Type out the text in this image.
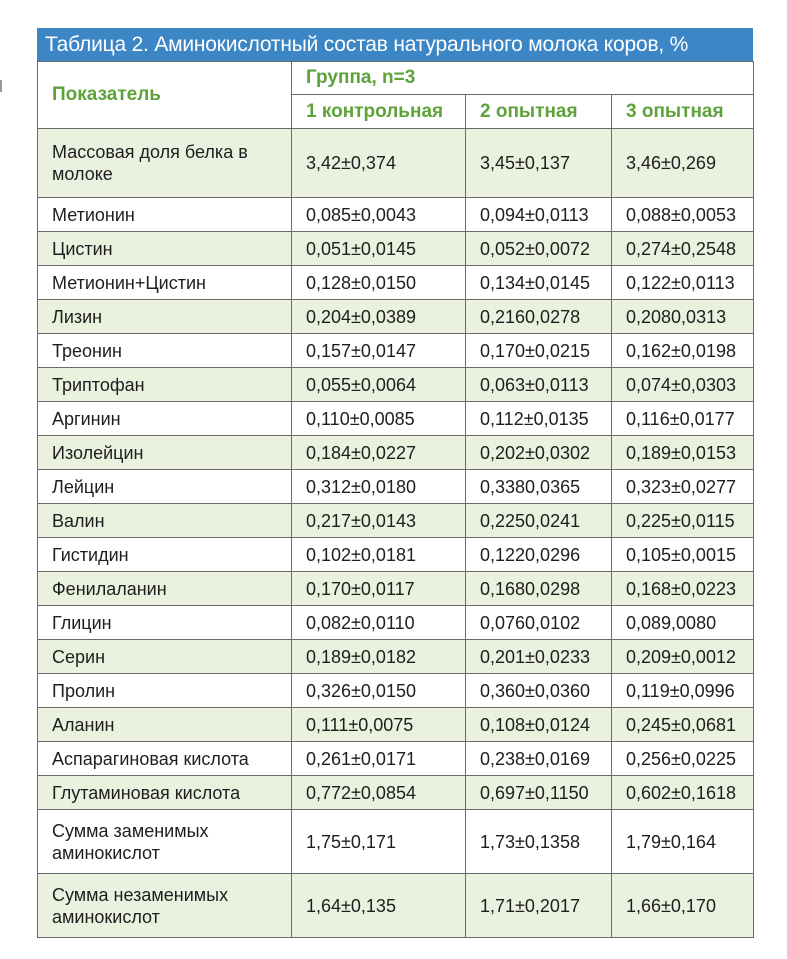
Таблица 2. Аминокислотный состав натурального молока коров, %
Показатель	Группа, n=3		
	1 контрольная	2 опытная	3 опытная
Массовая доля белка в молоке	3,42±0,374	3,45±0,137	3,46±0,269
Метионин	0,085±0,0043	0,094±0,0113	0,088±0,0053
Цистин	0,051±0,0145	0,052±0,0072	0,274±0,2548
Метионин+Цистин	0,128±0,0150	0,134±0,0145	0,122±0,0113
Лизин	0,204±0,0389	0,2160,0278	0,2080,0313
Треонин	0,157±0,0147	0,170±0,0215	0,162±0,0198
Триптофан	0,055±0,0064	0,063±0,0113	0,074±0,0303
Аргинин	0,110±0,0085	0,112±0,0135	0,116±0,0177
Изолейцин	0,184±0,0227	0,202±0,0302	0,189±0,0153
Лейцин	0,312±0,0180	0,3380,0365	0,323±0,0277
Валин	0,217±0,0143	0,2250,0241	0,225±0,0115
Гистидин	0,102±0,0181	0,1220,0296	0,105±0,0015
Фенилаланин	0,170±0,0117	0,1680,0298	0,168±0,0223
Глицин	0,082±0,0110	0,0760,0102	0,089,0080
Серин	0,189±0,0182	0,201±0,0233	0,209±0,0012
Пролин	0,326±0,0150	0,360±0,0360	0,119±0,0996
Аланин	0,111±0,0075	0,108±0,0124	0,245±0,0681
Аспарагиновая кислота	0,261±0,0171	0,238±0,0169	0,256±0,0225
Глутаминовая кислота	0,772±0,0854	0,697±0,1150	0,602±0,1618
Сумма заменимых аминокислот	1,75±0,171	1,73±0,1358	1,79±0,164
Сумма незаменимых аминокислот	1,64±0,135	1,71±0,2017	1,66±0,170
